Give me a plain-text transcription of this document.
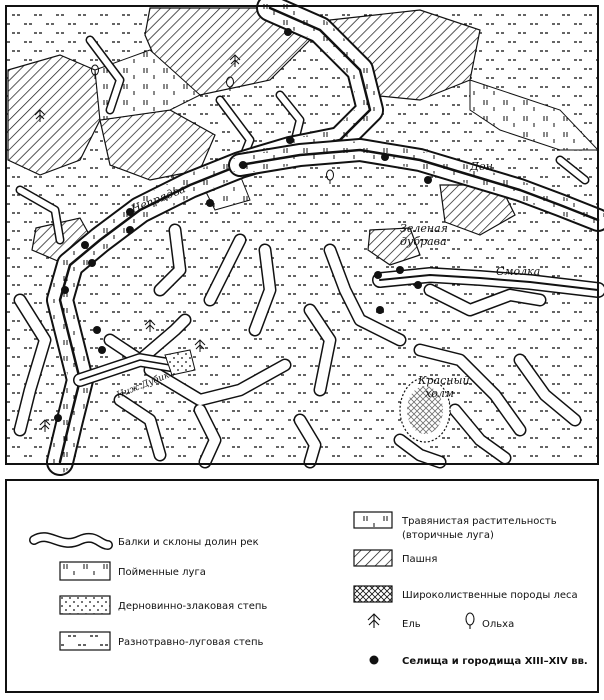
Дон
Непрядва
Зеленая
дубрава
Смолка
Красный
холм
Ниж.Дубик
Балки и склоны долин рек
Пойменные луга
Дерновинно-злаковая степь
Разнотравно-луговая степь
Травянистая растительность
(вторичные луга)
Пашня
Широколиственные породы леса
Ель	Ольха
Селища и городища XIII–XIV вв.
